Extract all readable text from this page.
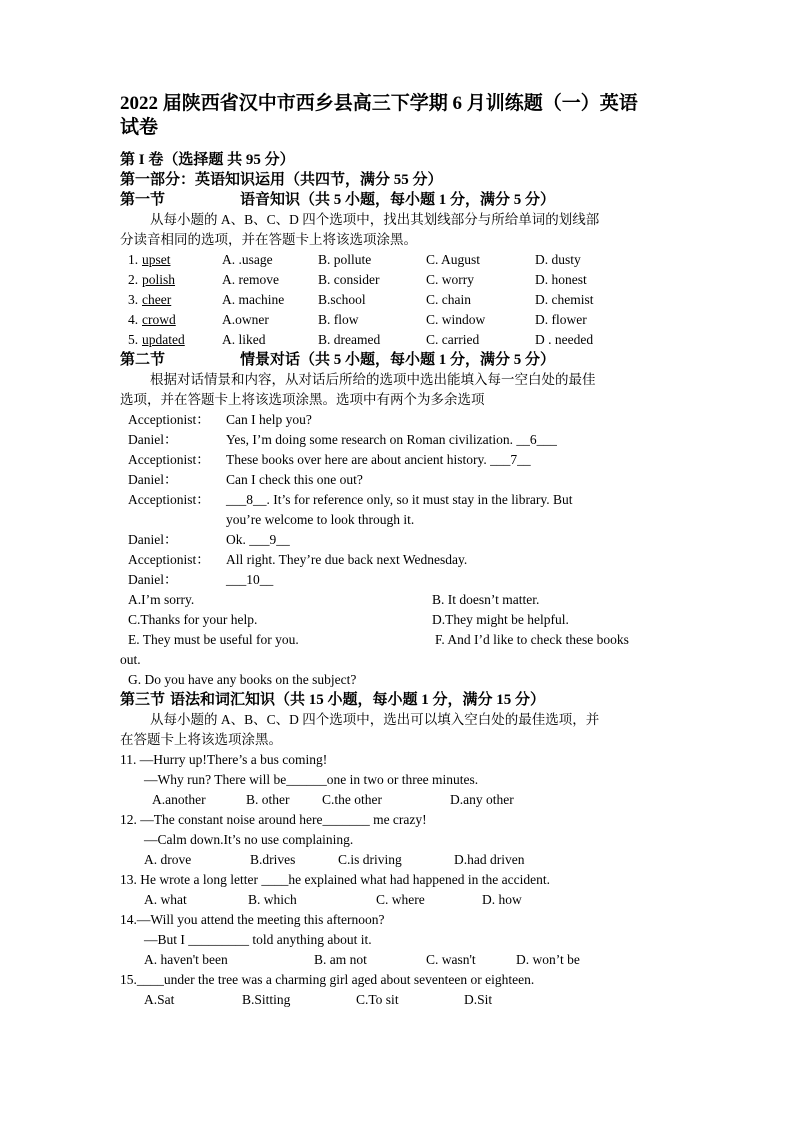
2022 届陕西省汉中市西乡县高三下学期 6 月训练题（一）英语
试卷
第 I 卷（选择题 共 95 分）
第一部分：英语知识运用（共四节，满分 55 分）
第一节	语音知识（共 5 小题，每小题 1 分，满分 5 分）
从每小题的 A、B、C、D 四个选项中，找出其划线部分与所给单词的划线部
分读音相同的选项，并在答题卡上将该选项涂黑。
1. upset	A. .usage	B. pollute	C. August	D. dusty
2. polish	A. remove	B. consider	C. worry	D. honest
3. cheer	A. machine	B.school	C. chain	D. chemist
4. crowd	A.owner	B. flow	C. window	D. flower
5. updated	A. liked	B. dreamed	C. carried	D . needed
第二节	情景对话（共 5 小题，每小题 1 分，满分 5 分）
根据对话情景和内容，从对话后所给的选项中选出能填入每一空白处的最佳
选项，并在答题卡上将该选项涂黑。选项中有两个为多余选项
Acceptionist： Can I help you?
Daniel：	Yes, I’m doing some research on Roman civilization. __6___
Acceptionist： These books over here are about ancient history. ___7__
Daniel：	Can I check this one out?
Acceptionist： ___8__. It’s for reference only, so it must stay in the library. But
you’re welcome to look through it.
Daniel：	Ok. ___9__
Acceptionist： All right. They’re due back next Wednesday.
Daniel：	___10__
A.I’m sorry.	B. It doesn’t matter.
C.Thanks for your help.	D.They might be helpful.
E. They must be useful for you.	F. And I’d like to check these books
out.
G. Do you have any books on the subject?
第三节 语法和词汇知识（共 15 小题，每小题 1 分，满分 15 分）
从每小题的 A、B、C、D 四个选项中，选出可以填入空白处的最佳选项，并
在答题卡上将该选项涂黑。
11. —Hurry up!There’s a bus coming!
—Why run? There will be______one in two or three minutes.
A.another	B. other C.the other	D.any other
12. —The constant noise around here_______ me crazy!
—Calm down.It’s no use complaining.
A. drove	B.drives	C.is driving	D.had driven
13. He wrote a long letter ____he explained what had happened in the accident.
A. what	B. which	C. where	D. how
14.—Will you attend the meeting this afternoon?
—But I _________ told anything about it.
A. haven't been	B. am not	C. wasn't	D. won’t be
15.____under the tree was a charming girl aged about seventeen or eighteen.
A.Sat	B.Sitting	C.To sit	D.Sit
